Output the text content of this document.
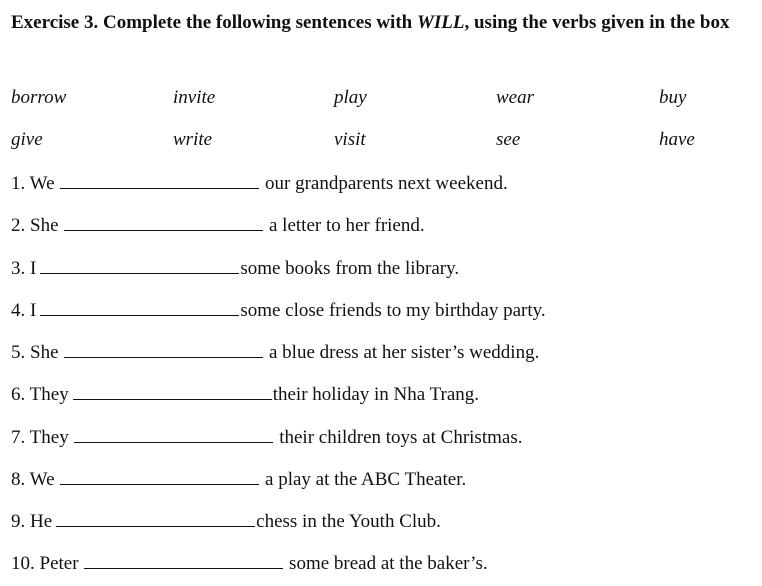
Exercise 3. Complete the following sentences with WILL, using the verbs given in the box
borrow	invite	play	wear	buy
give	write	visit	see	have
1. We	our grandparents next weekend.
2. She	a letter to her friend.
3. I	some books from the library.
4. I	some close friends to my birthday party.
5. She	a blue dress at her sister’s wedding.
6. They	their holiday in Nha Trang.
7. They	their children toys at Christmas.
8. We	a play at the ABC Theater.
9. He	chess in the Youth Club.
10. Peter	some bread at the baker’s.
